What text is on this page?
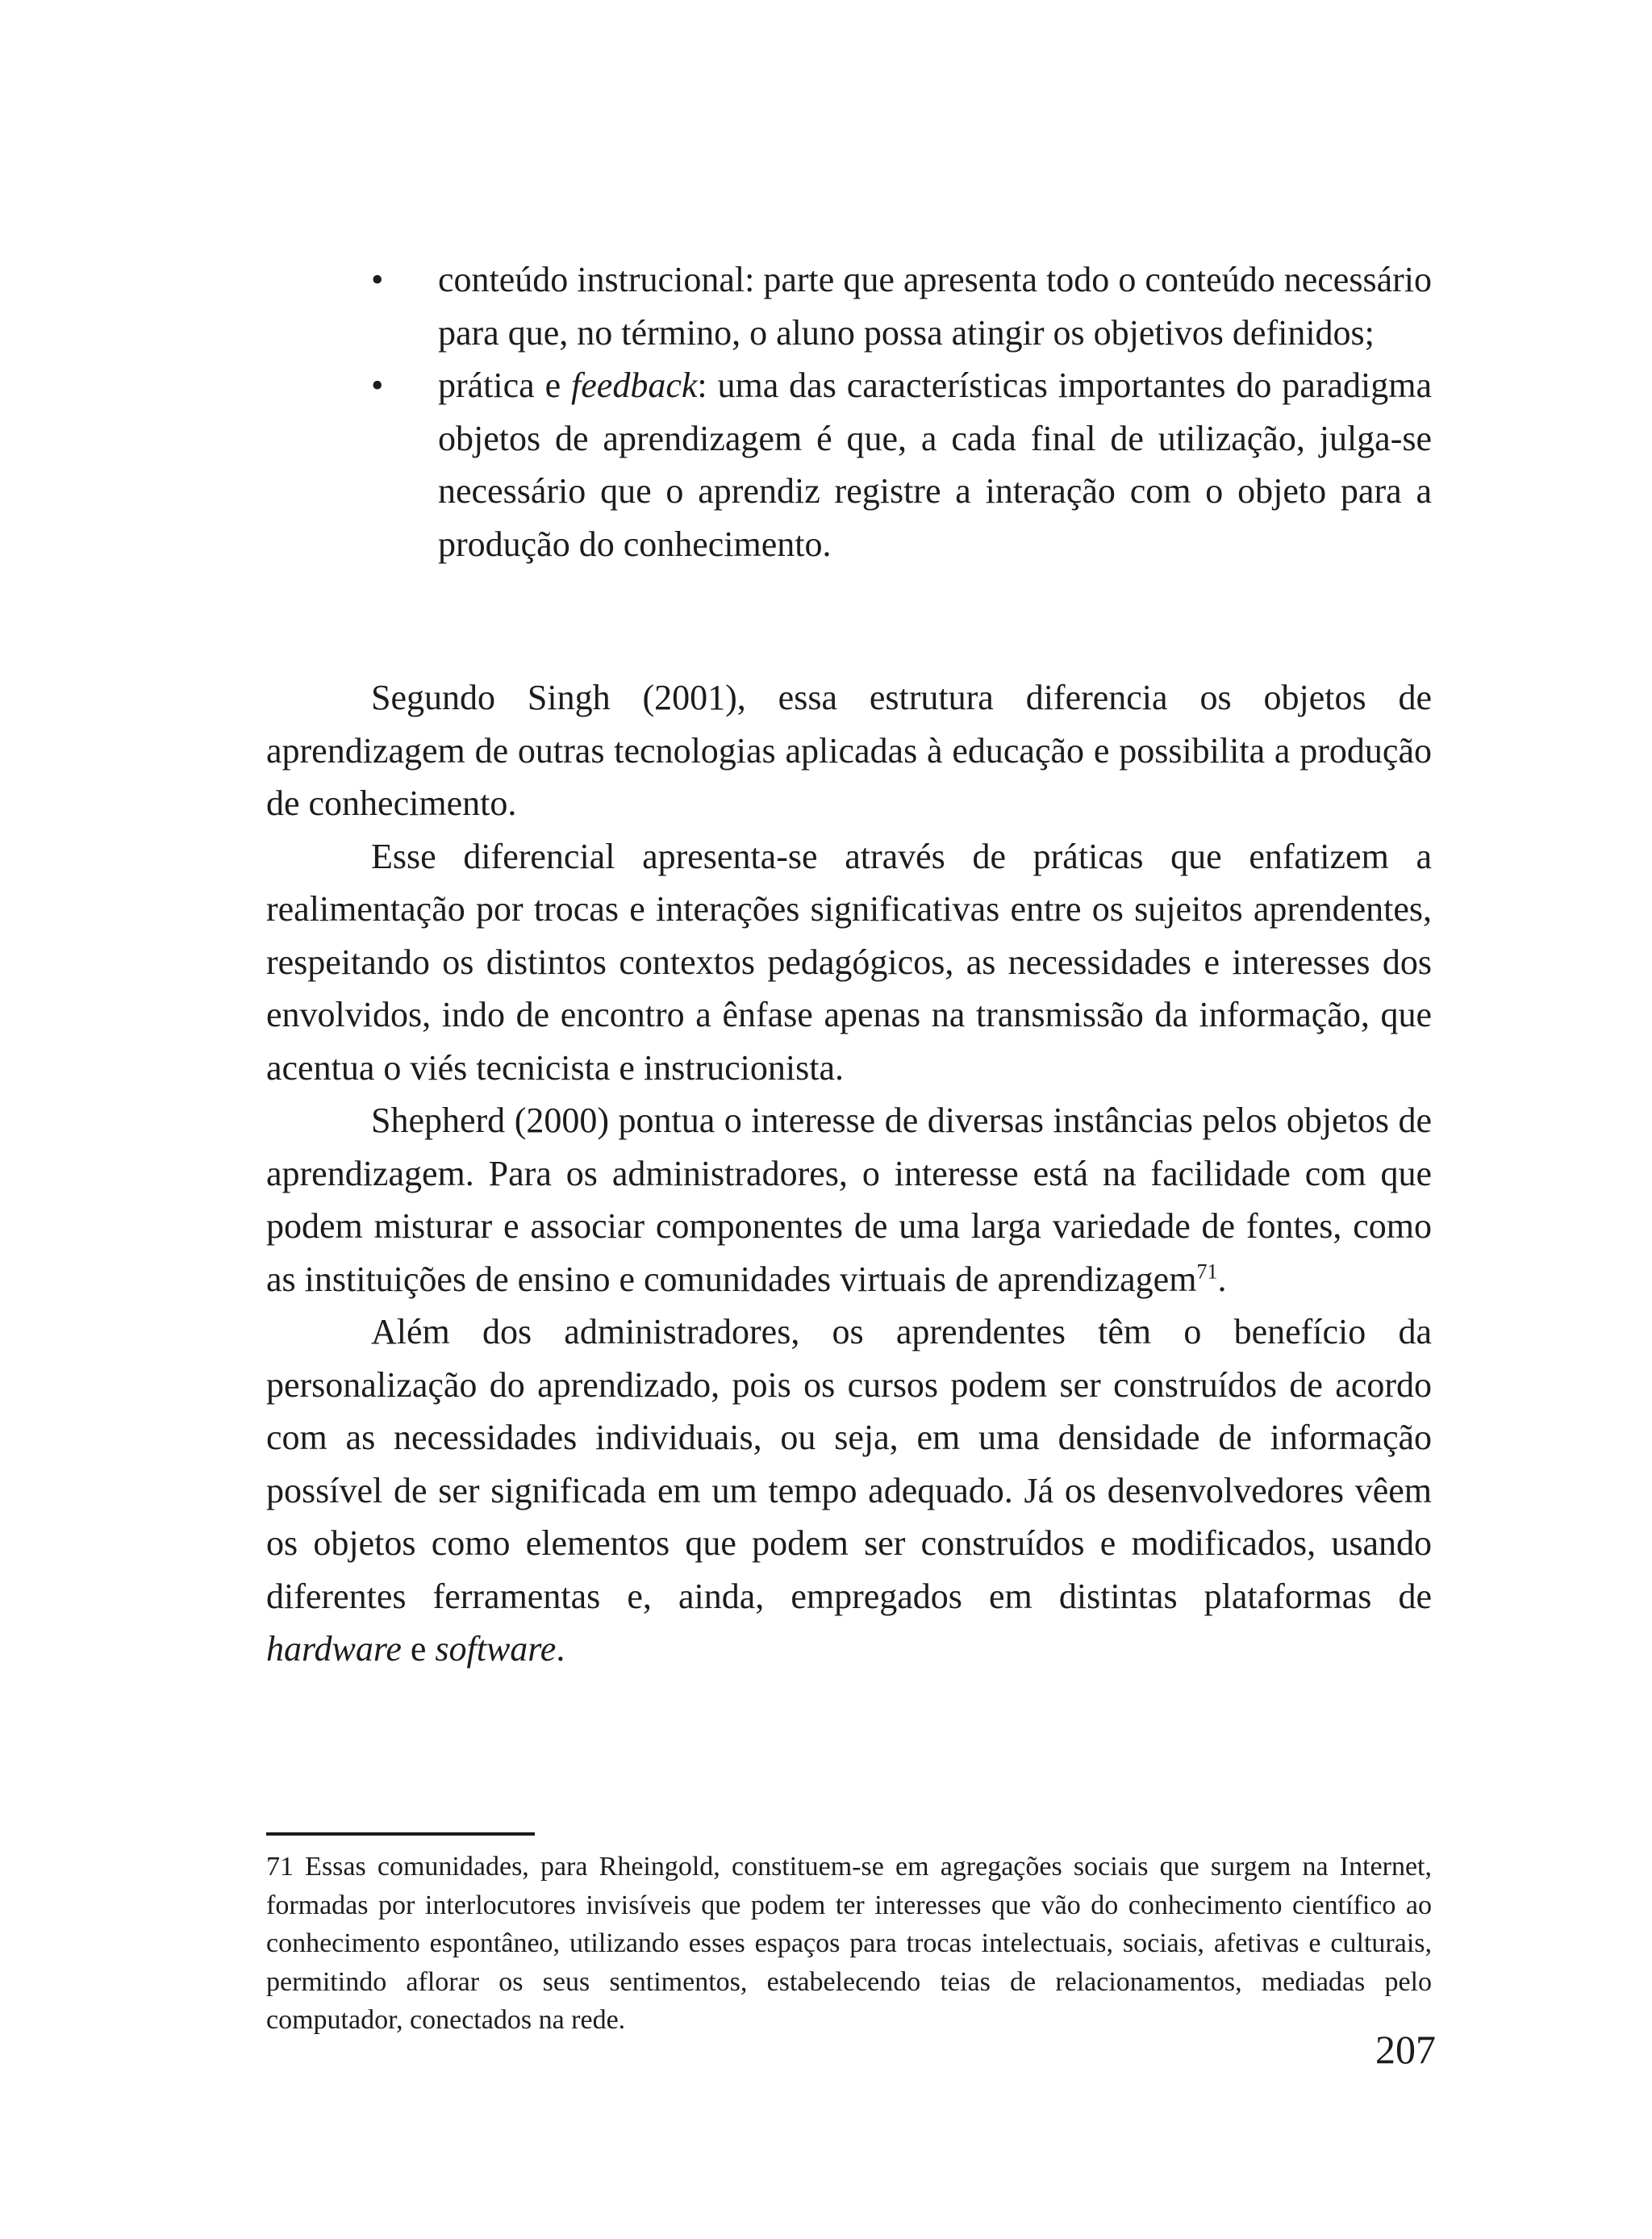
• conteúdo instrucional: parte que apresenta todo o conteúdo necessário para que, no término, o aluno possa atingir os objetivos definidos;
• prática e feedback: uma das características importantes do paradigma objetos de aprendizagem é que, a cada final de utilização, julga-se necessário que o aprendiz registre a interação com o objeto para a produção do conhecimento.

Segundo Singh (2001), essa estrutura diferencia os objetos de aprendizagem de outras tecnologias aplicadas à educação e possibilita a produção de conhecimento.

Esse diferencial apresenta-se através de práticas que enfatizem a realimentação por trocas e interações significativas entre os sujeitos aprendentes, respeitando os distintos contextos pedagógicos, as necessidades e interesses dos envolvidos, indo de encontro a ênfase apenas na transmissão da informação, que acentua o viés tecnicista e instrucionista.

Shepherd (2000) pontua o interesse de diversas instâncias pelos objetos de aprendizagem. Para os administradores, o interesse está na facilidade com que podem misturar e associar componentes de uma larga variedade de fontes, como as instituições de ensino e comunidades virtuais de aprendizagem$^{71}$.

Além dos administradores, os aprendentes têm o benefício da personalização do aprendizado, pois os cursos podem ser construídos de acordo com as necessidades individuais, ou seja, em uma densidade de informação possível de ser significada em um tempo adequado. Já os desenvolvedores vêem os objetos como elementos que podem ser construídos e modificados, usando diferentes ferramentas e, ainda, empregados em distintas plataformas de hardware e software.

71 Essas comunidades, para Rheingold, constituem-se em agregações sociais que surgem na Internet, formadas por interlocutores invisíveis que podem ter interesses que vão do conhecimento científico ao conhecimento espontâneo, utilizando esses espaços para trocas intelectuais, sociais, afetivas e culturais, permitindo aflorar os seus sentimentos, estabelecendo teias de relacionamentos, mediadas pelo computador, conectados na rede.

207
